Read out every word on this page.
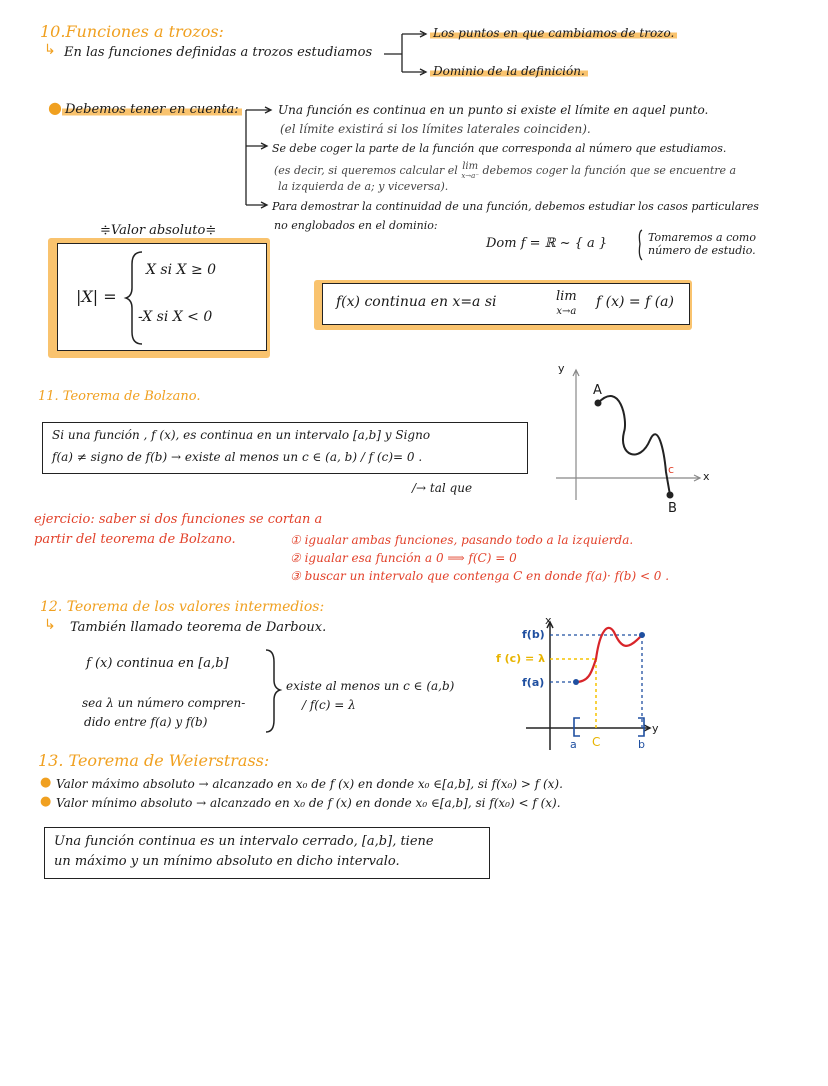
10.Funciones a trozos:
↳ En las funciones definidas a trozos estudiamos
Los puntos en que cambiamos de trozo.
Dominio de la definición.
● Debemos tener en cuenta:	Una función es continua en un punto si existe el límite en aquel punto.
(el límite existirá si los límites laterales coinciden).
Se debe coger la parte de la función que corresponda al número que estudiamos.
(es decir, si queremos calcular el lim
x→a⁻ debemos coger la función que se encuentre a
la izquierda de a; y viceversa).
Para demostrar la continuidad de una función, debemos estudiar los casos particulares
no englobados en el dominio:
Dom f = ℝ ~ { a }	Tomaremos a como
número de estudio.
≑Valor absoluto≑
|X| =
X si X ≥ 0
-X si X < 0
f(x) continua en x=a si	lim
x→a
f (x) = f (a)
11. Teorema de Bolzano.
Si una función , f (x), es continua en un intervalo [a,b] y Signo
f(a) ≠ signo de f(b) → existe al menos un c ∈ (a, b) / f (c)= 0 .
/→ tal que
y
x
A
B
c
ejercicio: saber si dos funciones se cortan a
partir del teorema de Bolzano.	① igualar ambas funciones, pasando todo a la izquierda.
② igualar esa función a 0 ⟹ f(C) = 0
③ buscar un intervalo que contenga C en donde f(a)· f(b) < 0 .
12. Teorema de los valores intermedios:
↳ También llamado teorema de Darboux.
f (x) continua en [a,b]
sea λ un número compren-
dido entre f(a) y f(b)
existe al menos un c ∈ (a,b)
/ f(c) = λ
x
f(b)
f (c) = λ
f(a)
a C	b
y
13. Teorema de Weierstrass:
● Valor máximo absoluto → alcanzado en x₀ de f (x) en donde x₀ ∈[a,b], si f(x₀) > f (x).
● Valor mínimo absoluto → alcanzado en x₀ de f (x) en donde x₀ ∈[a,b], si f(x₀) < f (x).
Una función continua es un intervalo cerrado, [a,b], tiene
un máximo y un mínimo absoluto en dicho intervalo.
